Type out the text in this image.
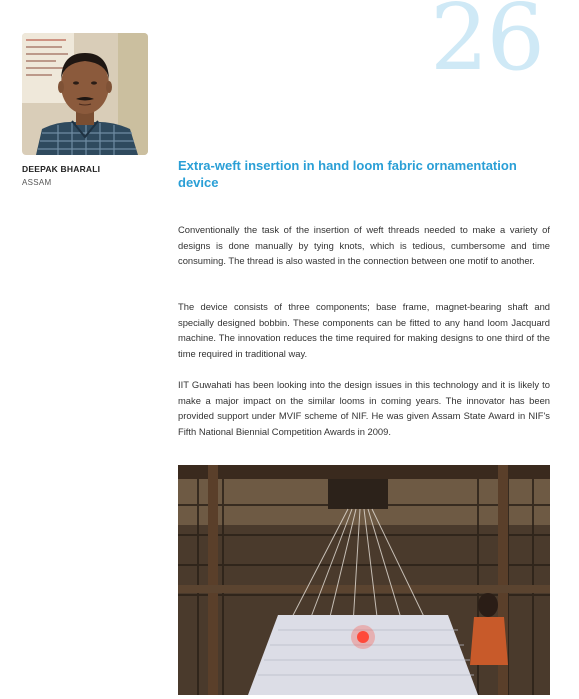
26
DEEPAK BHARALI
ASSAM
Extra-weft insertion in hand loom fabric ornamentation device

Conventionally the task of the insertion of weft threads needed to make a variety of designs is done manually by tying knots, which is tedious, cumbersome and time consuming. The thread is also wasted in the connection between one motif to another.

The device consists of three components; base frame, magnet-bearing shaft and specially designed bobbin. These components can be fitted to any hand loom Jacquard machine. The innovation reduces the time required for making designs to one third of the time required in traditional way.

IIT Guwahati has been looking into the design issues in this technology and it is likely to make a major impact on the similar looms in coming years. The innovator has been provided support under MVIF scheme of NIF. He was given Assam State Award in NIF's Fifth National Biennial Competition Awards in 2009.
